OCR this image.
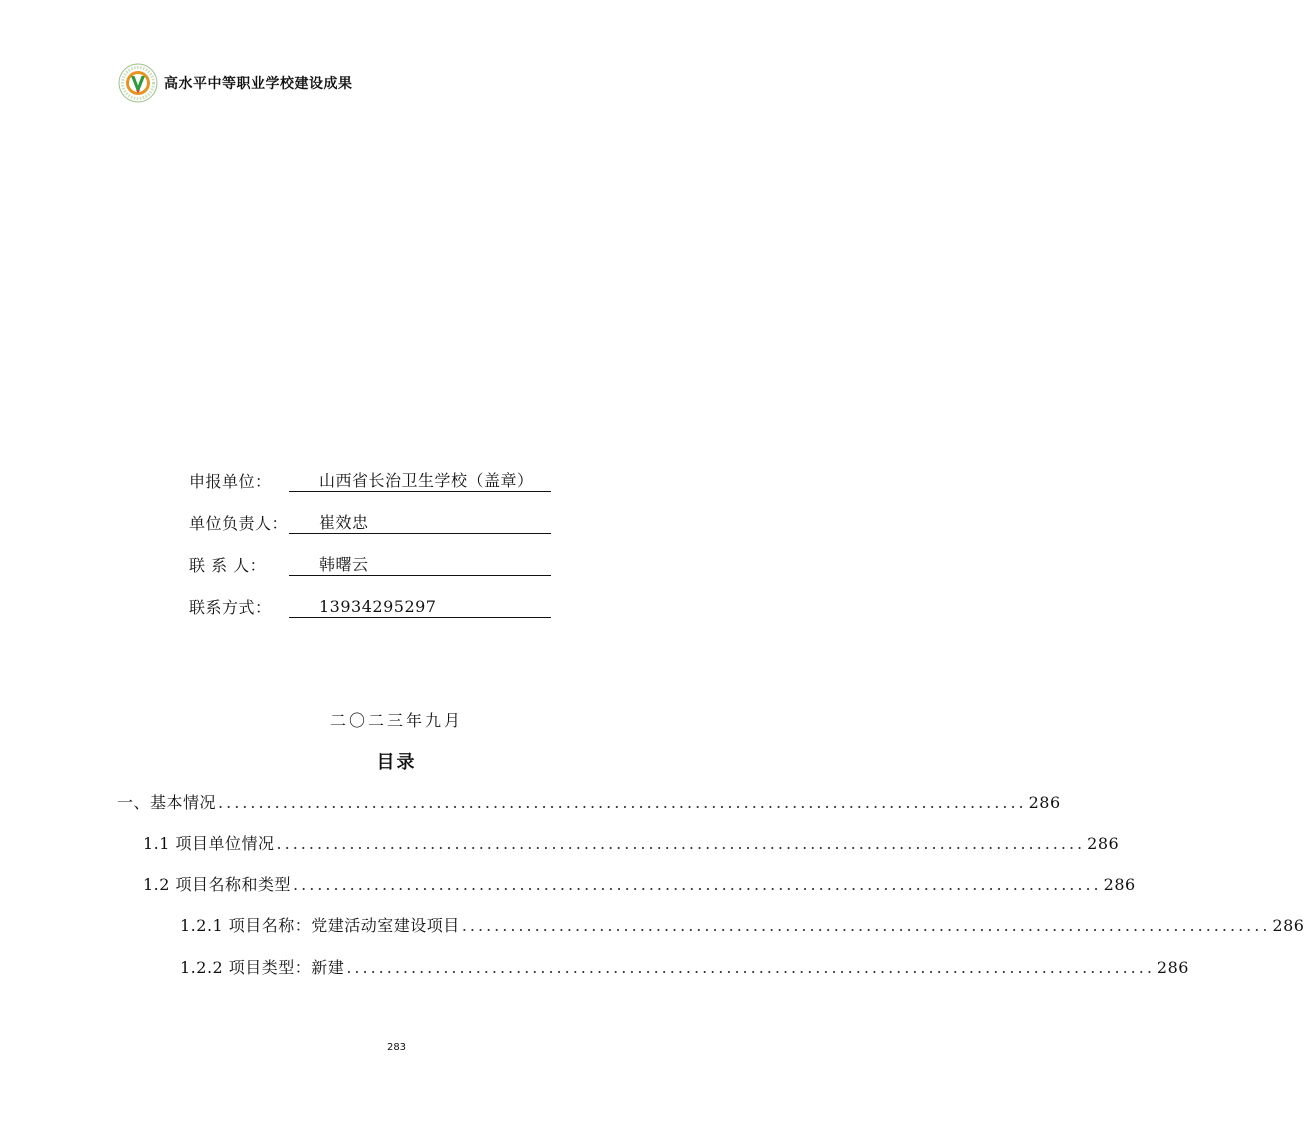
高水平中等职业学校建设成果
申报单位：	山西省长治卫生学校（盖章）
单位负责人：	崔效忠
联 系 人：	韩曙云
联系方式：	13934295297
二〇二三年九月
目录
一、基本情况 .................................................................................................... 286
1.1 项目单位情况 .................................................................................................... 286
1.2 项目名称和类型 .................................................................................................... 286
1.2.1 项目名称：党建活动室建设项目 .................................................................................................... 286
1.2.2 项目类型：新建 .................................................................................................... 286
283
